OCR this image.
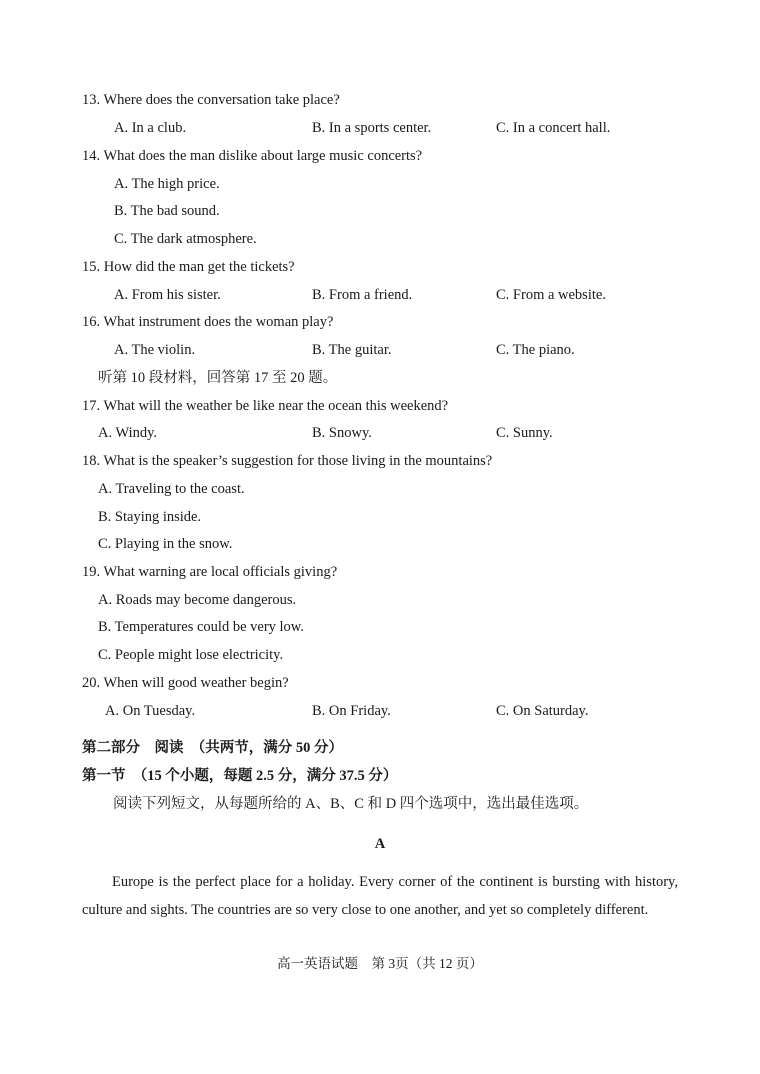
13. Where does the conversation take place?
A. In a club.	B. In a sports center.	C. In a concert hall.
14. What does the man dislike about large music concerts?
A. The high price.
B. The bad sound.
C. The dark atmosphere.
15. How did the man get the tickets?
A. From his sister.	B. From a friend.	C. From a website.
16. What instrument does the woman play?
A. The violin.	B. The guitar.	C. The piano.
听第 10 段材料，回答第 17 至 20 题。
17. What will the weather be like near the ocean this weekend?
A. Windy.	B. Snowy.	C. Sunny.
18. What is the speaker’s suggestion for those living in the mountains?
A. Traveling to the coast.
B. Staying inside.
C. Playing in the snow.
19. What warning are local officials giving?
A. Roads may become dangerous.
B. Temperatures could be very low.
C. People might lose electricity.
20. When will good weather begin?
A. On Tuesday.	B. On Friday.	C. On Saturday.
第二部分　阅读　（共两节，满分 50 分）
第一节　（15 个小题，每题 2.5 分，满分 37.5 分）
阅读下列短文，从每题所给的 A、B、C 和 D 四个选项中，选出最佳选项。
A
Europe is the perfect place for a holiday. Every corner of the continent is bursting with history, culture and sights. The countries are so very close to one another, and yet so completely different.
高一英语试题　第 3页（共 12 页）
